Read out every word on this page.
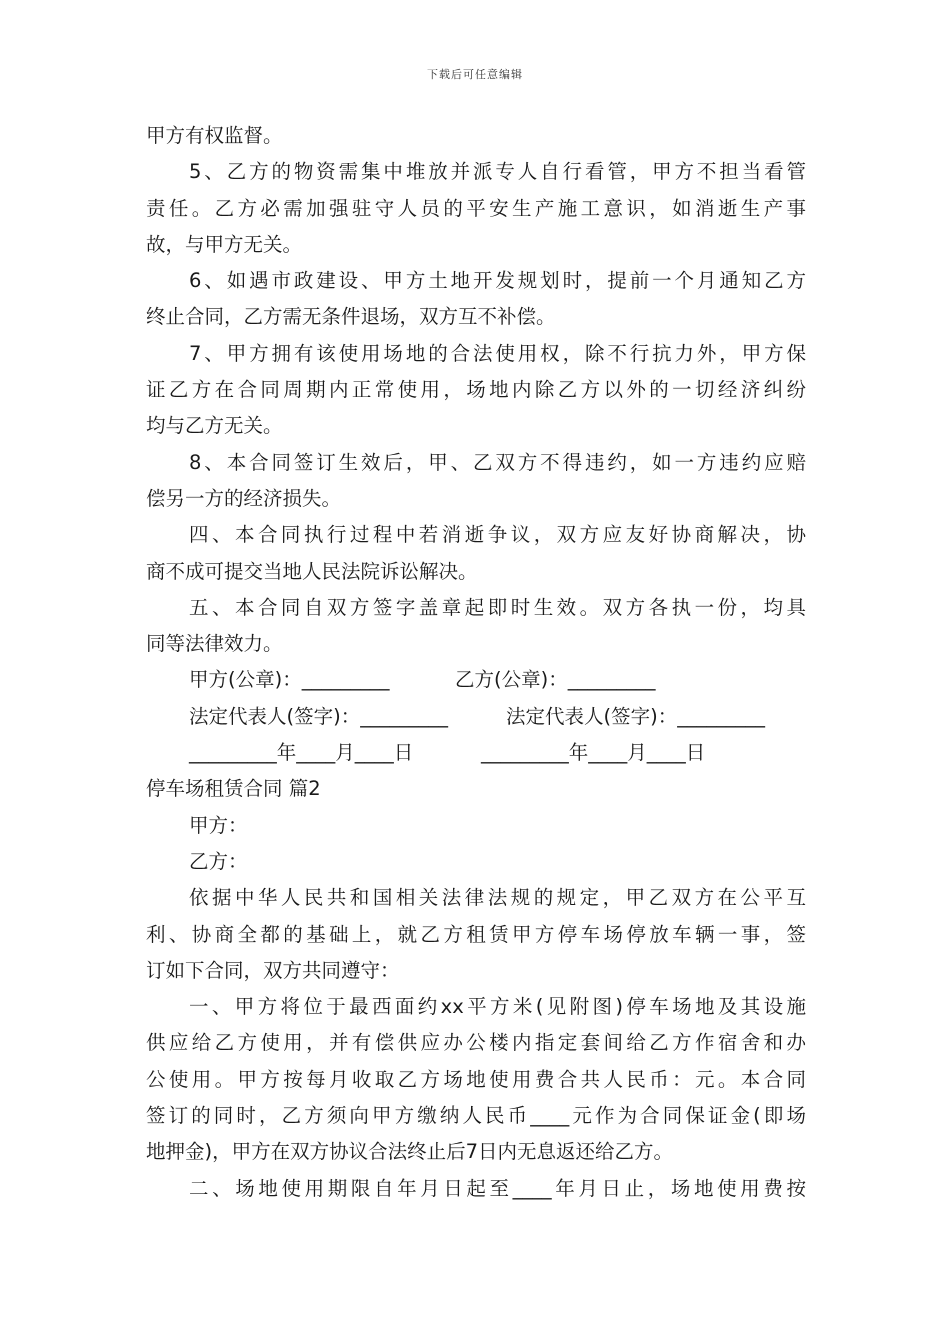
下载后可任意编辑
甲方有权监督。
5、乙方的物资需集中堆放并派专人自行看管，甲方不担当看管
责任。乙方必需加强驻守人员的平安生产施工意识，如消逝生产事
故，与甲方无关。
6、如遇市政建设、甲方土地开发规划时，提前一个月通知乙方
终止合同，乙方需无条件退场，双方互不补偿。
7、甲方拥有该使用场地的合法使用权，除不行抗力外，甲方保
证乙方在合同周期内正常使用，场地内除乙方以外的一切经济纠纷
均与乙方无关。
8、本合同签订生效后，甲、乙双方不得违约，如一方违约应赔
偿另一方的经济损失。
四、本合同执行过程中若消逝争议，双方应友好协商解决，协
商不成可提交当地人民法院诉讼解决。
五、本合同自双方签字盖章起即时生效。双方各执一份，均具
同等法律效力。
甲方(公章)：_________	乙方(公章)：_________
法定代表人(签字)：_________	法定代表人(签字)：_________
_________年____月____日	_________年____月____日
停车场租赁合同 篇2
甲方：
乙方：
依据中华人民共和国相关法律法规的规定，甲乙双方在公平互
利、协商全都的基础上，就乙方租赁甲方停车场停放车辆一事，签
订如下合同，双方共同遵守：
一、甲方将位于最西面约xx平方米(见附图)停车场地及其设施
供应给乙方使用，并有偿供应办公楼内指定套间给乙方作宿舍和办
公使用。甲方按每月收取乙方场地使用费合共人民币：元。本合同
签订的同时，乙方须向甲方缴纳人民币____元作为合同保证金(即场
地押金)，甲方在双方协议合法终止后7日内无息返还给乙方。
二、场地使用期限自年月日起至____年月日止，场地使用费按
